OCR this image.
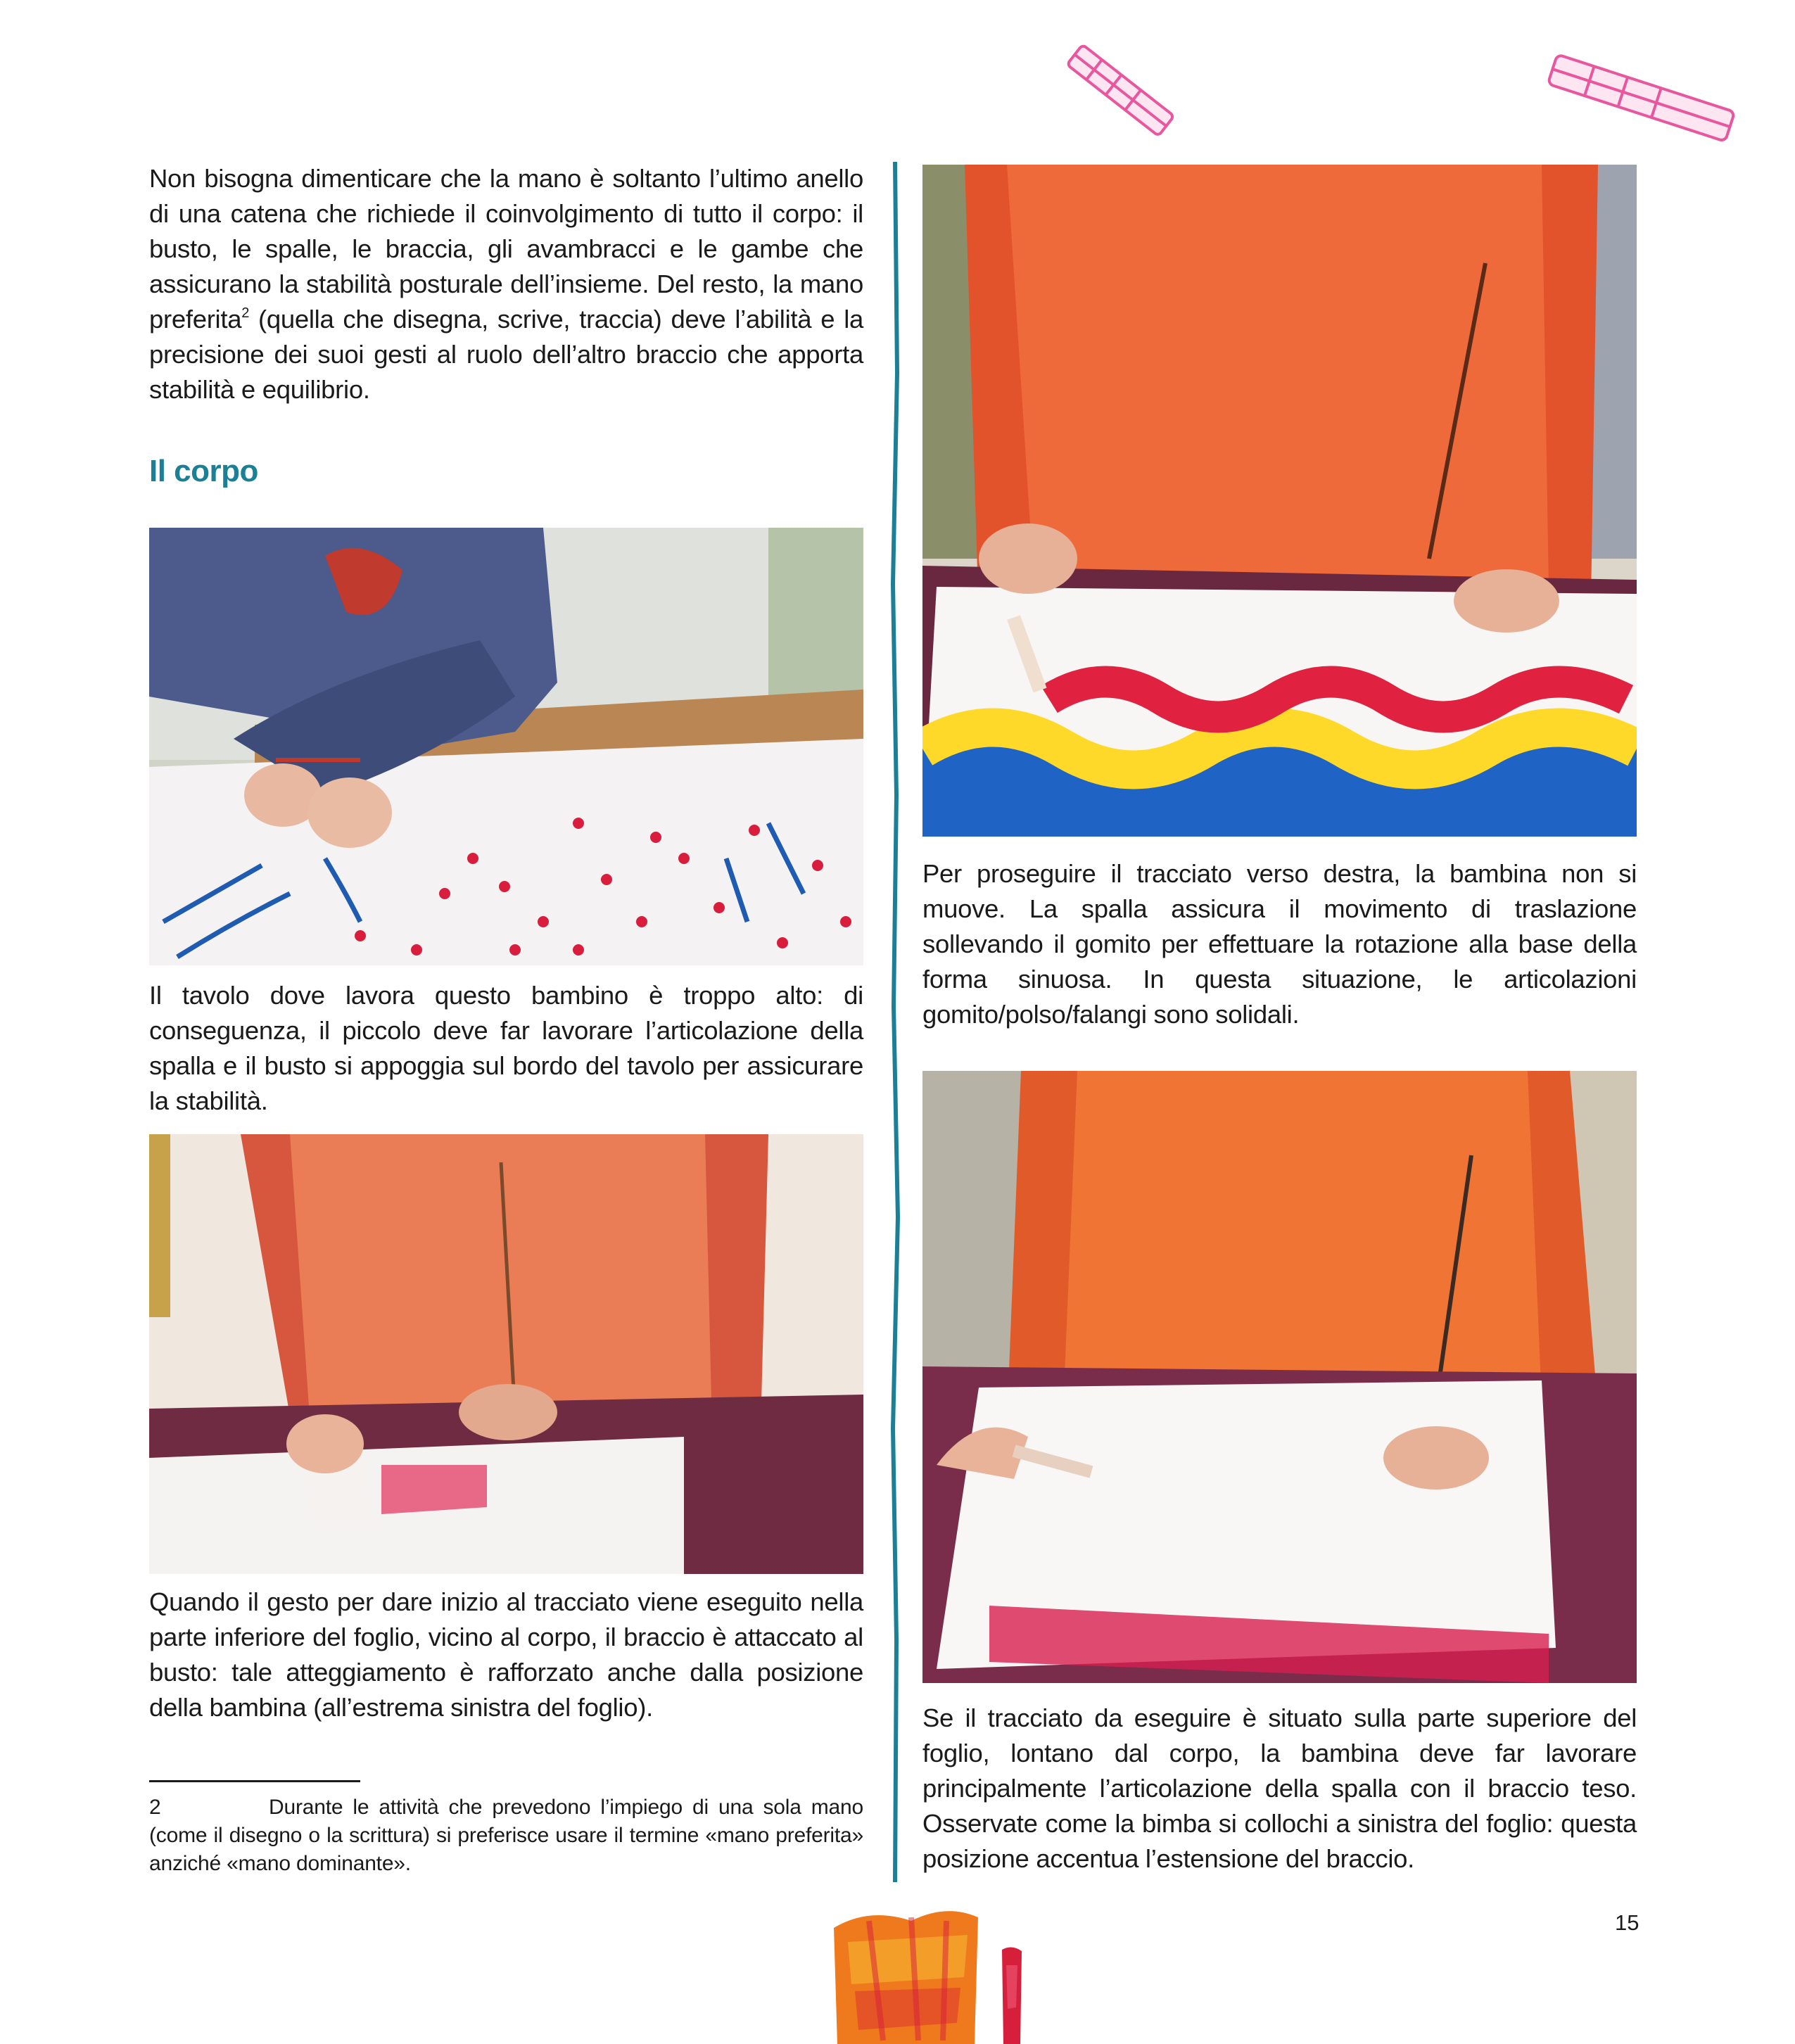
Non bisogna dimenticare che la mano è soltanto l’ultimo anello di una catena che richiede il coinvolgimento di tutto il corpo: il busto, le spalle, le braccia, gli avambracci e le gambe che assicurano la stabilità posturale dell’insieme. Del resto, la mano preferita$^2$ (quella che disegna, scrive, traccia) deve l’abilità e la precisione dei suoi gesti al ruolo dell’altro braccio che apporta stabilità e equilibrio.

Il corpo

Il tavolo dove lavora questo bambino è troppo alto: di conseguenza, il piccolo deve far lavorare l’articolazione della spalla e il busto si appoggia sul bordo del tavolo per assicurare la stabilità.

Quando il gesto per dare inizio al tracciato viene eseguito nella parte inferiore del foglio, vicino al corpo, il braccio è attaccato al busto: tale atteggiamento è rafforzato anche dalla posizione della bambina (all’estrema sinistra del foglio).

2	Durante le attività che prevedono l’impiego di una sola mano (come il disegno o la scrittura) si preferisce usare il termine «mano preferita» anziché «mano dominante».

Per proseguire il tracciato verso destra, la bambina non si muove. La spalla assicura il movimento di traslazione sollevando il gomito per effettuare la rotazione alla base della forma sinuosa. In questa situazione, le articolazioni gomito/polso/falangi sono solidali.

Se il tracciato da eseguire è situato sulla parte superiore del foglio, lontano dal corpo, la bambina deve far lavorare principalmente l’articolazione della spalla con il braccio teso. Osservate come la bimba si collochi a sinistra del foglio: questa posizione accentua l’estensione del braccio.

15
